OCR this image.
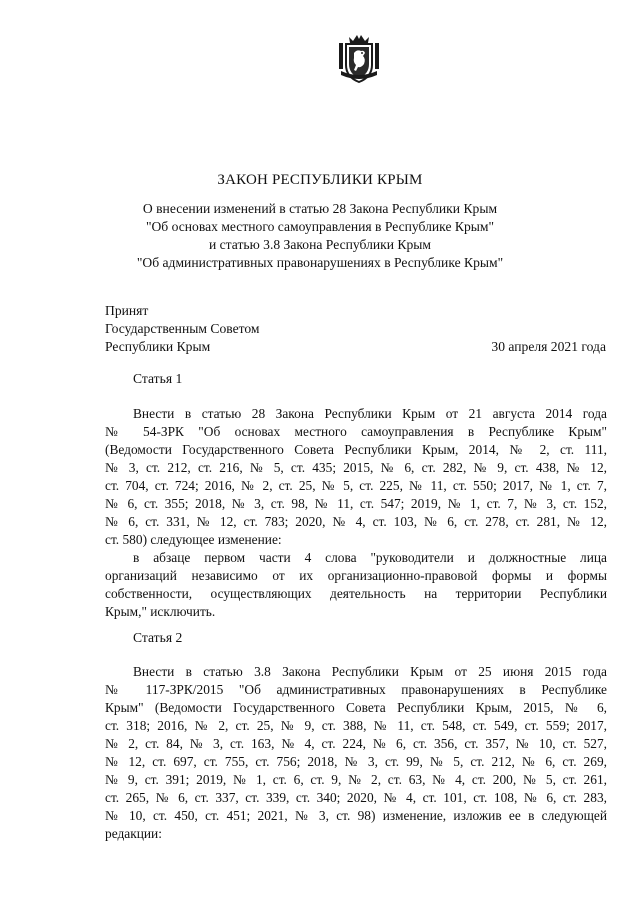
ЗАКОН РЕСПУБЛИКИ КРЫМ
О внесении изменений в статью 28 Закона Республики Крым
"Об основах местного самоуправления в Республике Крым"
и статью 3.8 Закона Республики Крым
"Об административных правонарушениях в Республике Крым"
Принят
Государственным Советом
Республики Крым	30 апреля 2021 года
Статья 1
Внести в статью 28 Закона Республики Крым от 21 августа 2014 года
№ 54-ЗРК "Об основах местного самоуправления в Республике Крым"
(Ведомости Государственного Совета Республики Крым, 2014, № 2, ст. 111,
№ 3, ст. 212, ст. 216, № 5, ст. 435; 2015, № 6, ст. 282, № 9, ст. 438, № 12,
ст. 704, ст. 724; 2016, № 2, ст. 25, № 5, ст. 225, № 11, ст. 550; 2017, № 1, ст. 7,
№ 6, ст. 355; 2018, № 3, ст. 98, № 11, ст. 547; 2019, № 1, ст. 7, № 3, ст. 152,
№ 6, ст. 331, № 12, ст. 783; 2020, № 4, ст. 103, № 6, ст. 278, ст. 281, № 12,
ст. 580) следующее изменение:
в абзаце первом части 4 слова "руководители и должностные лица
организаций независимо от их организационно-правовой формы и формы
собственности, осуществляющих деятельность на территории Республики
Крым," исключить.
Статья 2
Внести в статью 3.8 Закона Республики Крым от 25 июня 2015 года
№ 117-ЗРК/2015 "Об административных правонарушениях в Республике
Крым" (Ведомости Государственного Совета Республики Крым, 2015, № 6,
ст. 318; 2016, № 2, ст. 25, № 9, ст. 388, № 11, ст. 548, ст. 549, ст. 559; 2017,
№ 2, ст. 84, № 3, ст. 163, № 4, ст. 224, № 6, ст. 356, ст. 357, № 10, ст. 527,
№ 12, ст. 697, ст. 755, ст. 756; 2018, № 3, ст. 99, № 5, ст. 212, № 6, ст. 269,
№ 9, ст. 391; 2019, № 1, ст. 6, ст. 9, № 2, ст. 63, № 4, ст. 200, № 5, ст. 261,
ст. 265, № 6, ст. 337, ст. 339, ст. 340; 2020, № 4, ст. 101, ст. 108, № 6, ст. 283,
№ 10, ст. 450, ст. 451; 2021, № 3, ст. 98) изменение, изложив ее в следующей
редакции:
